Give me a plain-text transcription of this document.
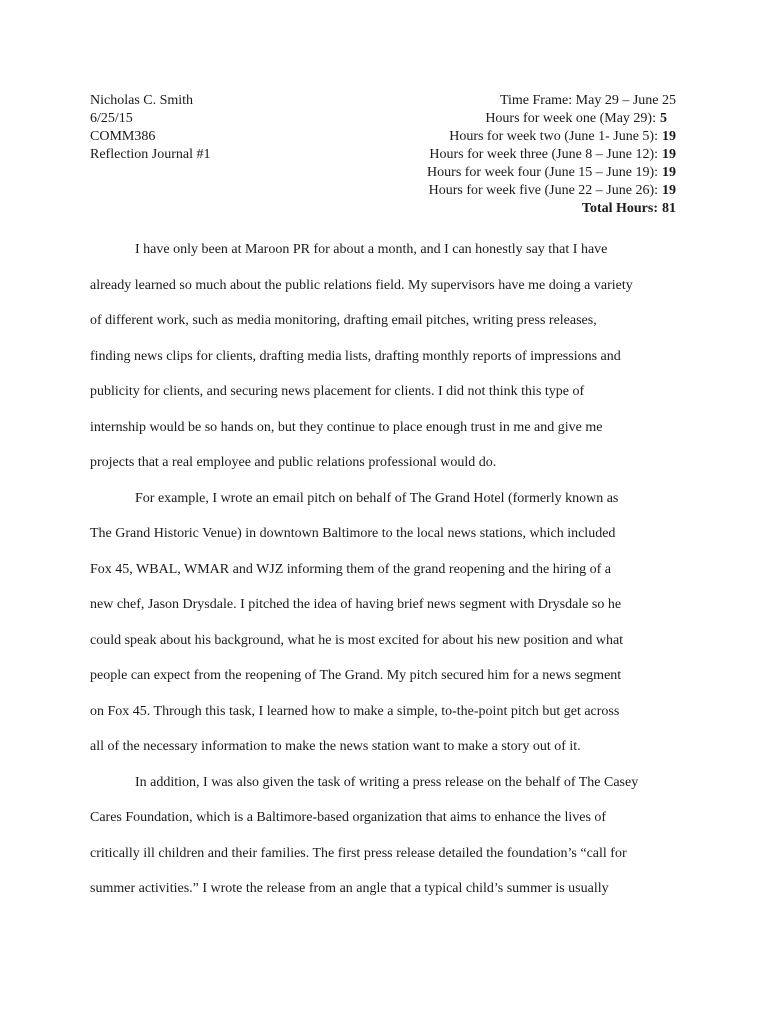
Nicholas C. Smith
6/25/15
COMM386
Reflection Journal #1
Time Frame: May 29 – June 25
Hours for week one (May 29): 5
Hours for week two (June 1- June 5): 19
Hours for week three (June 8 – June 12): 19
Hours for week four (June 15 – June 19): 19
Hours for week five (June 22 – June 26): 19
Total Hours: 81

I have only been at Maroon PR for about a month, and I can honestly say that I have
already learned so much about the public relations field. My supervisors have me doing a variety
of different work, such as media monitoring, drafting email pitches, writing press releases,
finding news clips for clients, drafting media lists, drafting monthly reports of impressions and
publicity for clients, and securing news placement for clients. I did not think this type of
internship would be so hands on, but they continue to place enough trust in me and give me
projects that a real employee and public relations professional would do.

For example, I wrote an email pitch on behalf of The Grand Hotel (formerly known as
The Grand Historic Venue) in downtown Baltimore to the local news stations, which included
Fox 45, WBAL, WMAR and WJZ informing them of the grand reopening and the hiring of a
new chef, Jason Drysdale. I pitched the idea of having brief news segment with Drysdale so he
could speak about his background, what he is most excited for about his new position and what
people can expect from the reopening of The Grand. My pitch secured him for a news segment
on Fox 45. Through this task, I learned how to make a simple, to-the-point pitch but get across
all of the necessary information to make the news station want to make a story out of it.

In addition, I was also given the task of writing a press release on the behalf of The Casey
Cares Foundation, which is a Baltimore-based organization that aims to enhance the lives of
critically ill children and their families. The first press release detailed the foundation’s “call for
summer activities.” I wrote the release from an angle that a typical child’s summer is usually
